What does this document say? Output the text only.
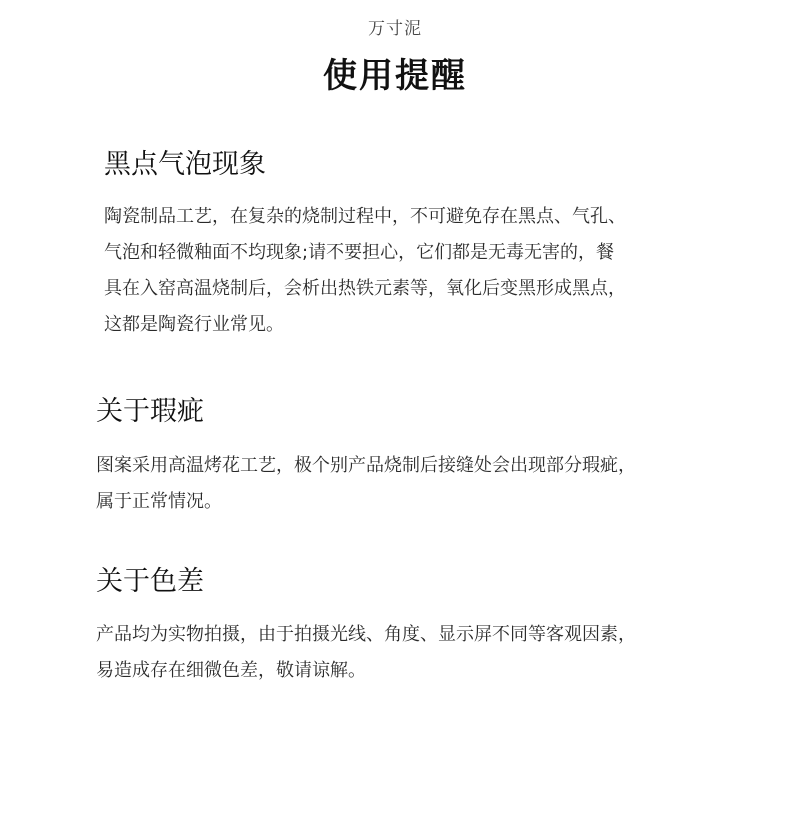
万寸泥
使用提醒
黑点气泡现象
陶瓷制品工艺，在复杂的烧制过程中，不可避免存在黑点、气孔、
气泡和轻微釉面不均现象;请不要担心，它们都是无毒无害的，餐
具在入窑高温烧制后，会析出热铁元素等，氧化后变黑形成黑点，
这都是陶瓷行业常见。
关于瑕疵
图案采用高温烤花工艺，极个别产品烧制后接缝处会出现部分瑕疵，
属于正常情况。
关于色差
产品均为实物拍摄，由于拍摄光线、角度、显示屏不同等客观因素，
易造成存在细微色差，敬请谅解。
